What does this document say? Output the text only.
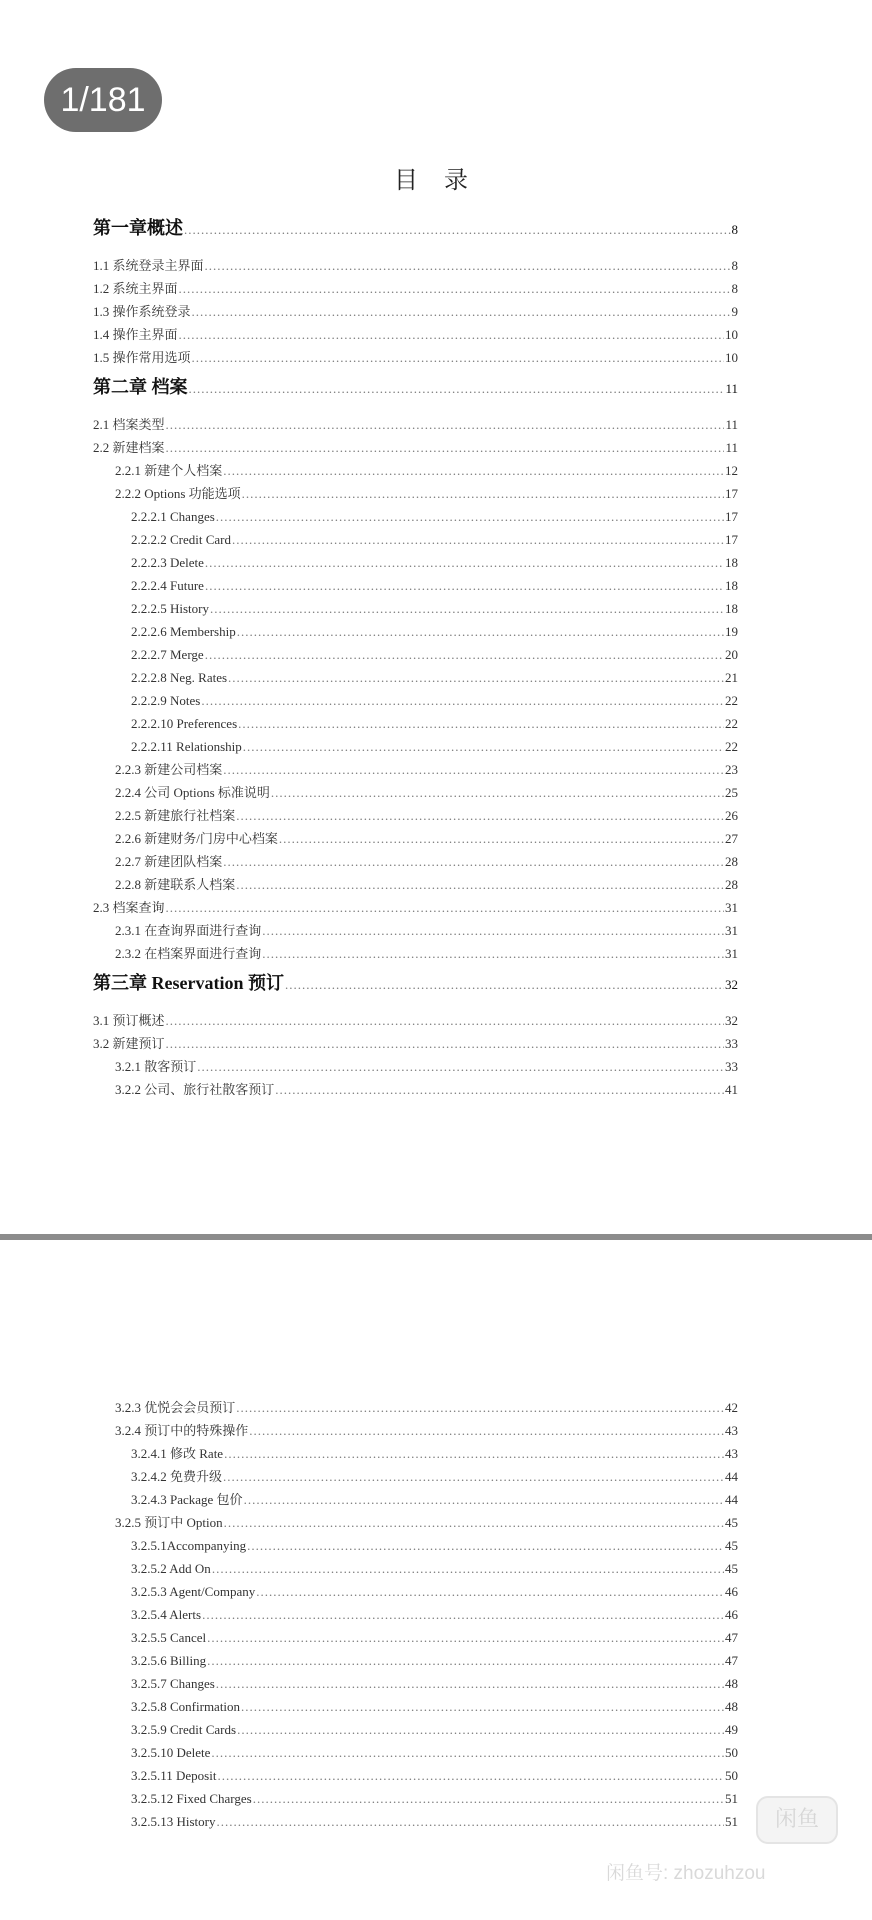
1/181
目 录
第一章概述 .....	8
1.1 系统登录主界面 .....	8
1.2 系统主界面 .....	8
1.3 操作系统登录 .....	9
1.4 操作主界面 .....	10
1.5 操作常用选项 .....	10
第二章 档案 .....	11
2.1 档案类型 .....	11
2.2 新建档案 .....	11
2.2.1 新建个人档案 .....	12
2.2.2 Options 功能选项 .....	17
2.2.2.1 Changes .....	17
2.2.2.2 Credit Card .....	17
2.2.2.3 Delete .....	18
2.2.2.4 Future .....	18
2.2.2.5 History .....	18
2.2.2.6 Membership .....	19
2.2.2.7 Merge .....	20
2.2.2.8 Neg. Rates .....	21
2.2.2.9 Notes .....	22
2.2.2.10 Preferences .....	22
2.2.2.11 Relationship .....	22
2.2.3 新建公司档案 .....	23
2.2.4 公司 Options 标准说明 .....	25
2.2.5 新建旅行社档案 .....	26
2.2.6 新建财务/门房中心档案 .....	27
2.2.7 新建团队档案 .....	28
2.2.8 新建联系人档案 .....	28
2.3 档案查询 .....	31
2.3.1 在查询界面进行查询 .....	31
2.3.2 在档案界面进行查询 .....	31
第三章 Reservation 预订 .....	32
3.1 预订概述 .....	32
3.2 新建预订 .....	33
3.2.1 散客预订 .....	33
3.2.2 公司、旅行社散客预订 .....	41
3.2.3 优悦会会员预订 .....	42
3.2.4 预订中的特殊操作 .....	43
3.2.4.1 修改 Rate .....	43
3.2.4.2 免费升级 .....	44
3.2.4.3 Package 包价 .....	44
3.2.5 预订中 Option .....	45
3.2.5.1Accompanying .....	45
3.2.5.2 Add On .....	45
3.2.5.3 Agent/Company .....	46
3.2.5.4 Alerts .....	46
3.2.5.5 Cancel .....	47
3.2.5.6 Billing .....	47
3.2.5.7 Changes .....	48
3.2.5.8 Confirmation .....	48
3.2.5.9 Credit Cards .....	49
3.2.5.10 Delete .....	50
3.2.5.11 Deposit .....	50
3.2.5.12 Fixed Charges .....	51
3.2.5.13 History .....	51	闲鱼
闲鱼号: zhozuhzou
